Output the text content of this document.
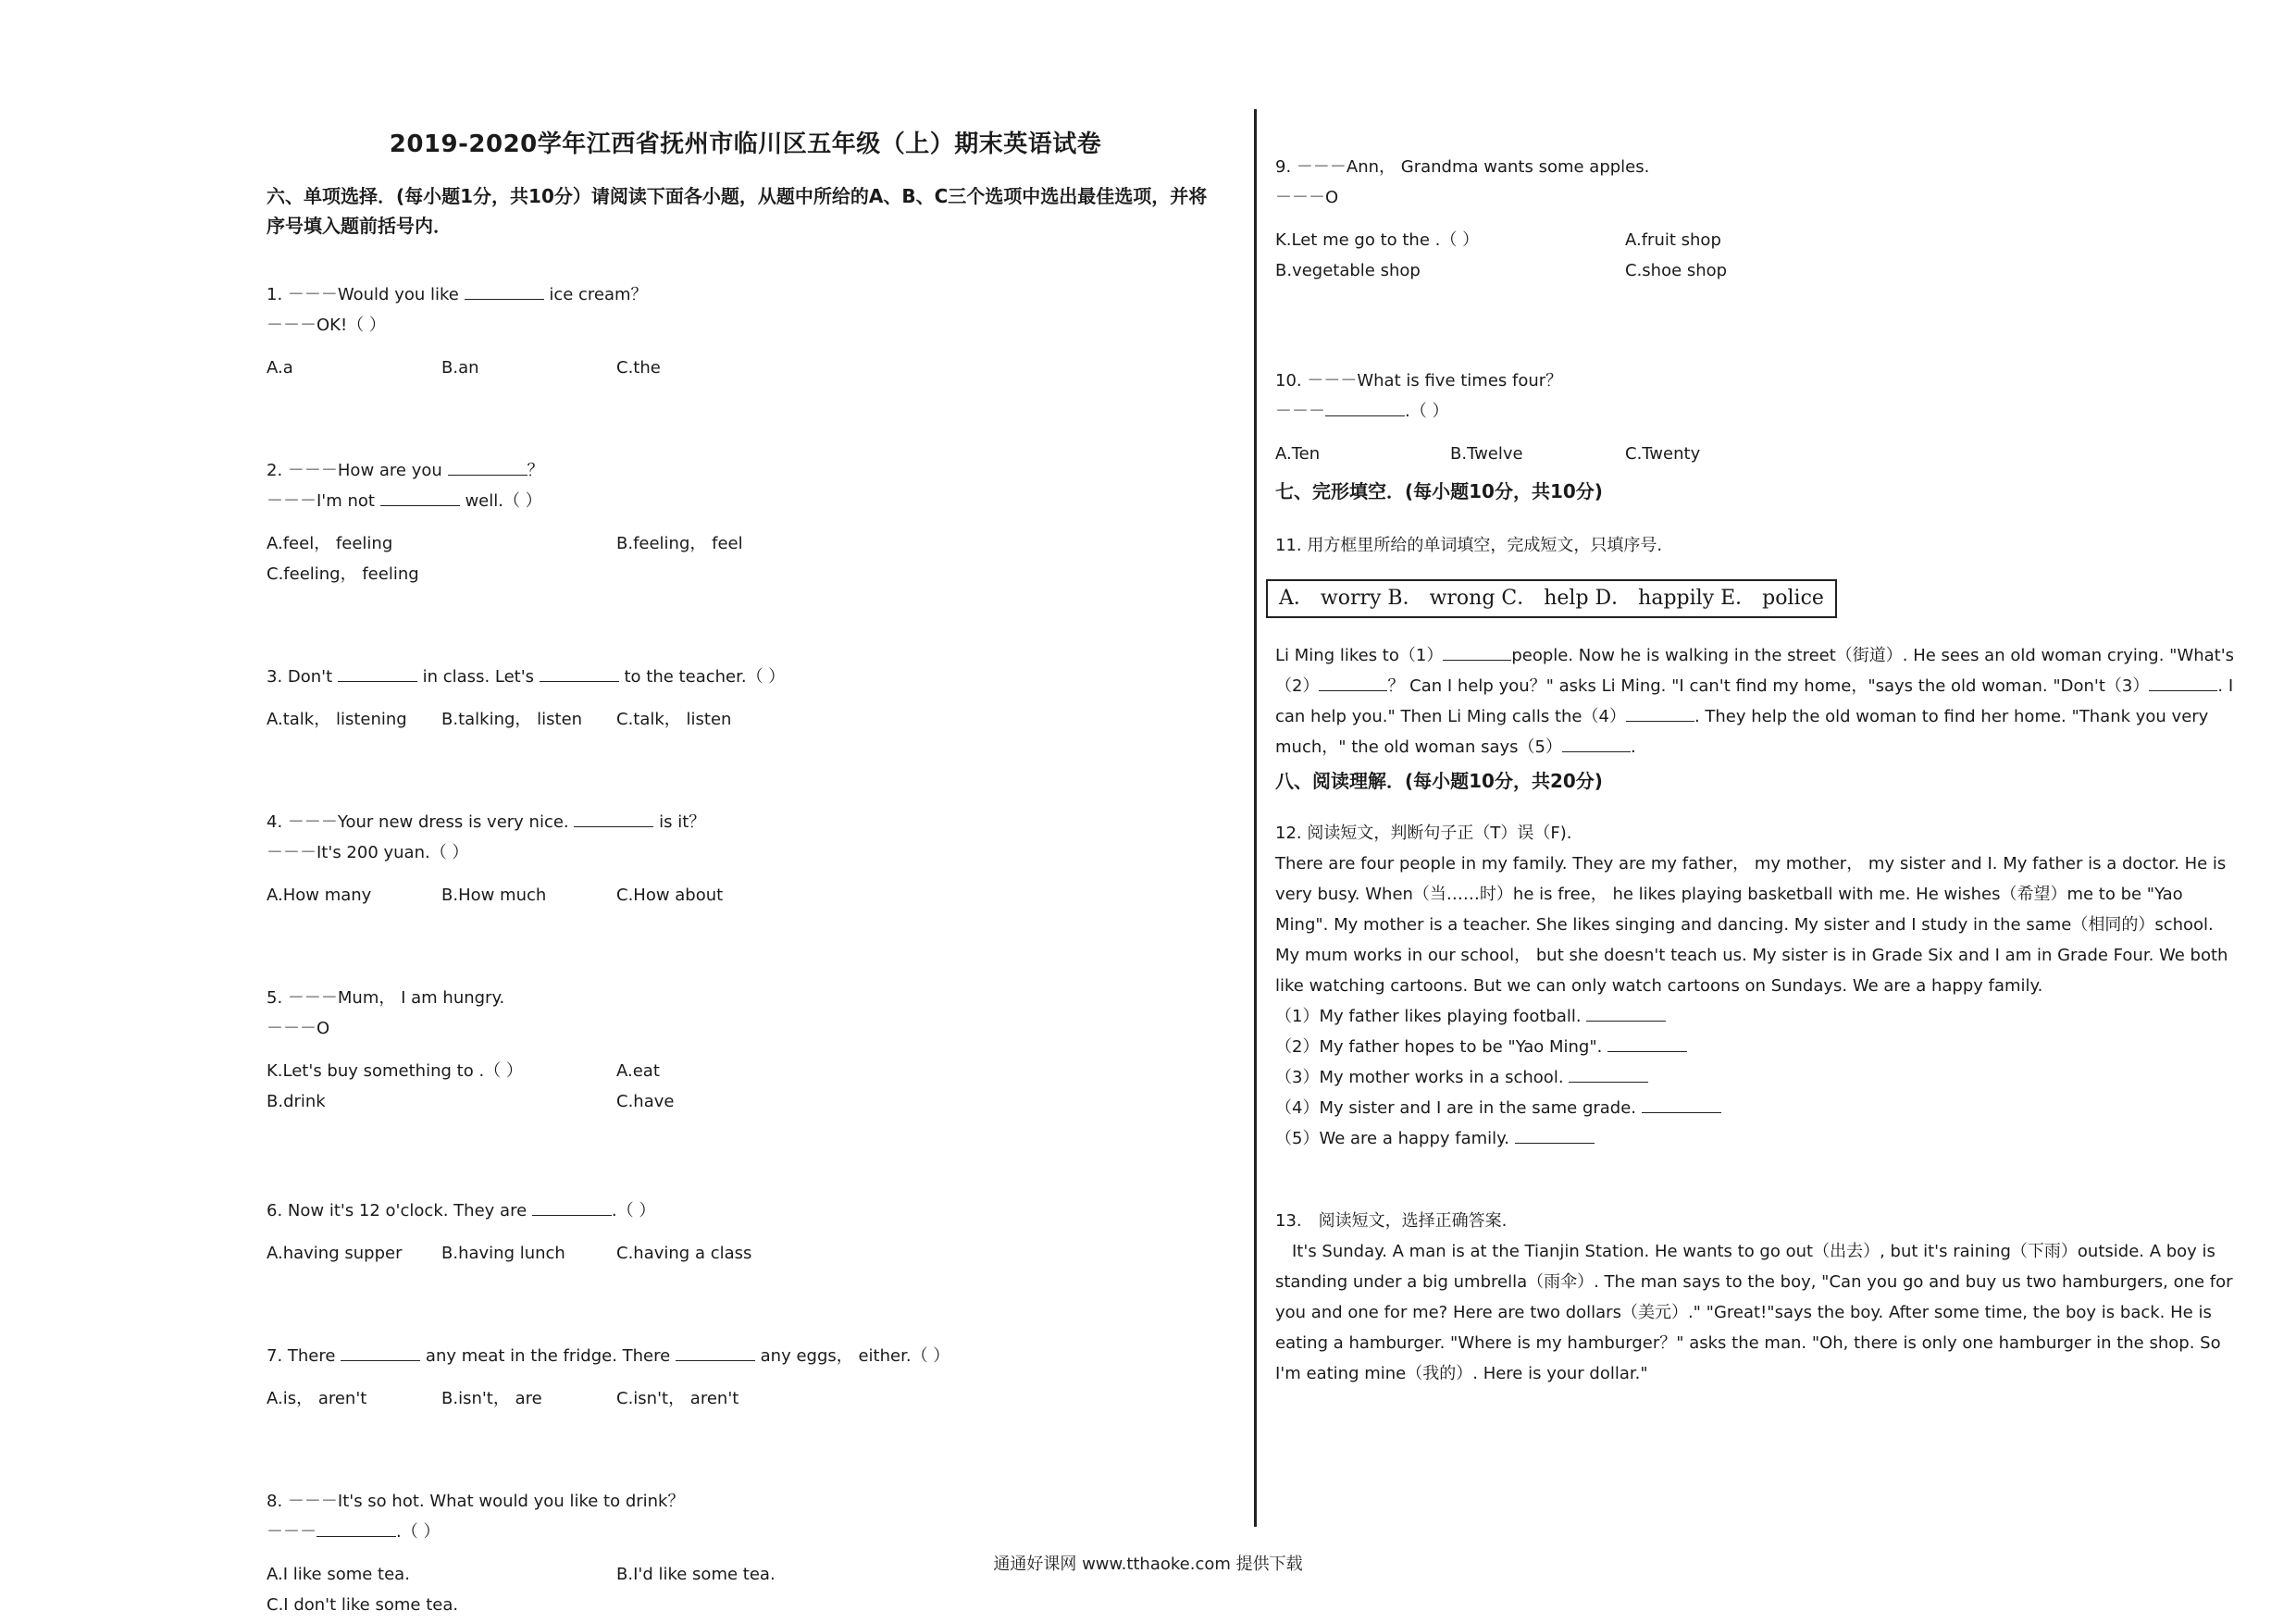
2019-2020学年江西省抚州市临川区五年级（上）期末英语试卷

六、单项选择．(每小题1分，共10分）请阅读下面各小题，从题中所给的A、B、C三个选项中选出最佳选项，并将序号填入题前括号内．

1. －－－Would you like	ice cream？

－－－OK!（ ）

A.a	B.an	C.the

2. －－－How are you	？

－－－I'm not	well.（ ）

A.feel， feeling	B.feeling， feel
C.feeling， feeling

3. Don't	in class. Let's	to the teacher.（ ）

A.talk， listening	B.talking， listen	C.talk， listen

4. －－－Your new dress is very nice.	is it？

－－－It's 200 yuan.（ ）

A.How many	B.How much	C.How about

5. －－－Mum， I am hungry.

－－－O

K.Let's buy something to .（ ）	A.eat
B.drink	C.have

6. Now it's 12 o'clock. They are	.（ ）

A.having supper	B.having lunch	C.having a class

7. There	any meat in the fridge. There	any eggs， either.（ ）

A.is， aren't	B.isn't， are	C.isn't， aren't

8. －－－It's so hot. What would you like to drink？

－－－	.（ ）

A.I like some tea.	B.I'd like some tea.
C.I don't like some tea.

9. －－－Ann， Grandma wants some apples.

－－－O

K.Let me go to the .（ ）	A.fruit shop
B.vegetable shop	C.shoe shop

10. －－－What is five times four？

－－－	.（ ）

A.Ten	B.Twelve	C.Twenty

七、完形填空．(每小题10分，共10分)

11. 用方框里所给的单词填空，完成短文，只填序号.

A． worry B． wrong C． help D． happily E． police

Li Ming likes to（1）	people. Now he is walking in the street（街道）. He sees an old woman crying. "What's（2）	？ Can I help you？" asks Li Ming. "I can't find my home，"says the old woman. "Don't（3）	. I can help you." Then Li Ming calls the（4）	. They help the old woman to find her home. "Thank you very much，" the old woman says（5）	.

八、阅读理解．(每小题10分，共20分)

12. 阅读短文，判断句子正（T）误（F).

There are four people in my family. They are my father， my mother， my sister and I. My father is a doctor. He is very busy. When（当……时）he is free， he likes playing basketball with me. He wishes（希望）me to be "Yao Ming". My mother is a teacher. She likes singing and dancing. My sister and I study in the same（相同的）school. My mum works in our school， but she doesn't teach us. My sister is in Grade Six and I am in Grade Four. We both like watching cartoons. But we can only watch cartoons on Sundays. We are a happy family.

（1）My father likes playing football.

（2）My father hopes to be "Yao Ming".

（3）My mother works in a school.

（4）My sister and I are in the same grade.

（5）We are a happy family.

13.　阅读短文，选择正确答案.

　It's Sunday. A man is at the Tianjin Station. He wants to go out（出去）, but it's raining（下雨）outside. A boy is standing under a big umbrella（雨伞）. The man says to the boy, "Can you go and buy us two hamburgers, one for you and one for me? Here are two dollars（美元）." "Great!"says the boy. After some time, the boy is back. He is eating a hamburger. "Where is my hamburger？" asks the man. "Oh, there is only one hamburger in the shop. So I'm eating mine（我的）. Here is your dollar."

通通好课网 www.tthaoke.com 提供下载
